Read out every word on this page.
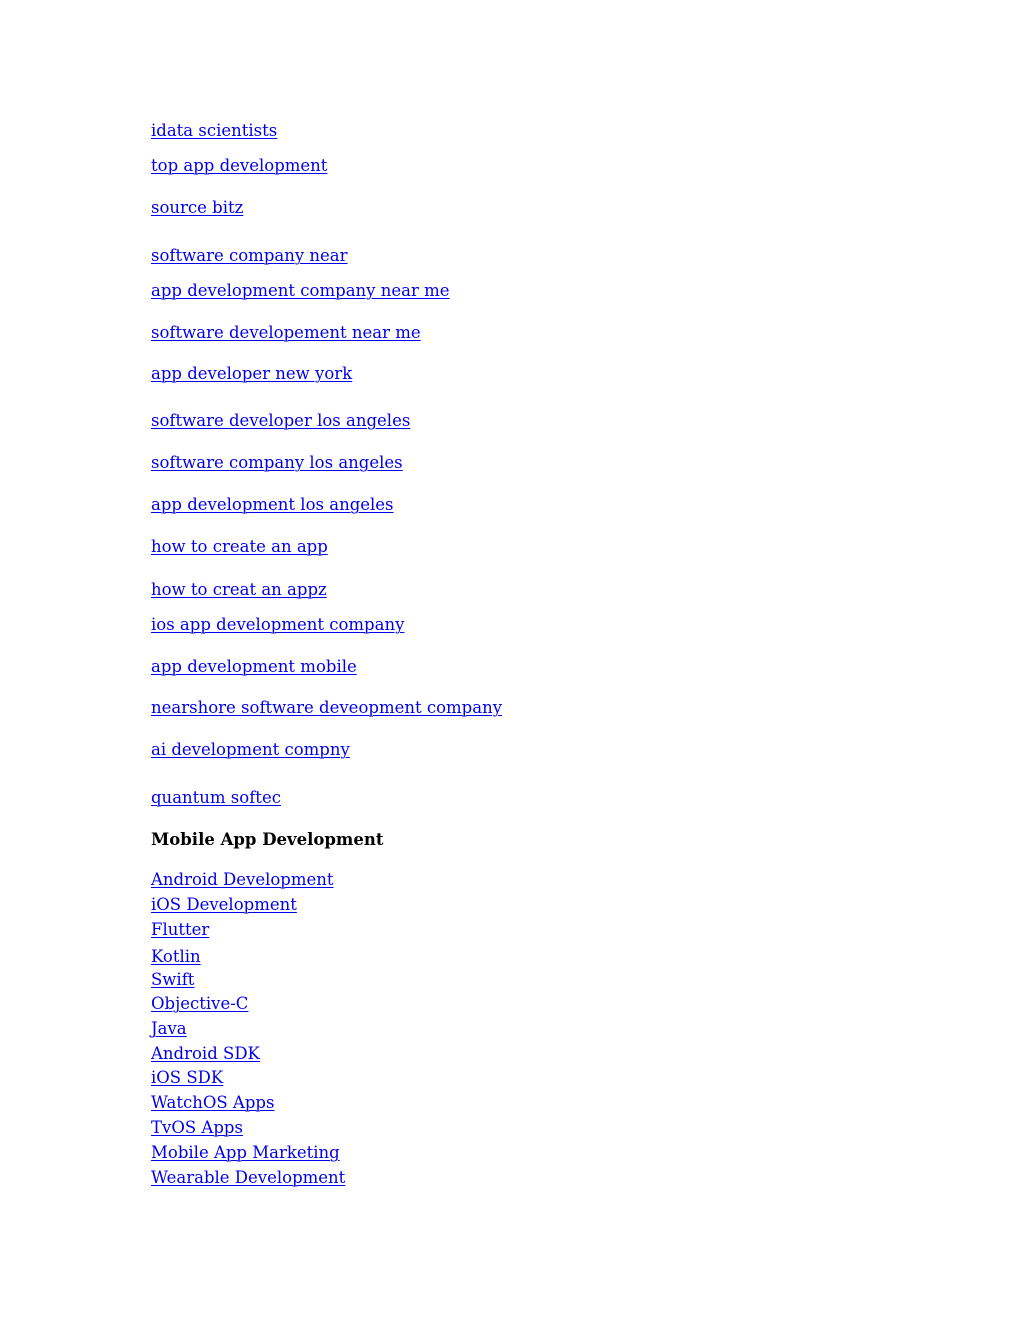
idata scientists
top app development
source bitz
software company near
app development company near me
software developement near me
app developer new york
software developer los angeles
software company los angeles
app development los angeles
how to create an app
how to creat an appz
ios app development company
app development mobile
nearshore software deveopment company
ai development compny
quantum softec
Mobile App Development
Android Development
iOS Development
Flutter
Kotlin
Swift
Objective-C
Java
Android SDK
iOS SDK
WatchOS Apps
TvOS Apps
Mobile App Marketing
Wearable Development
